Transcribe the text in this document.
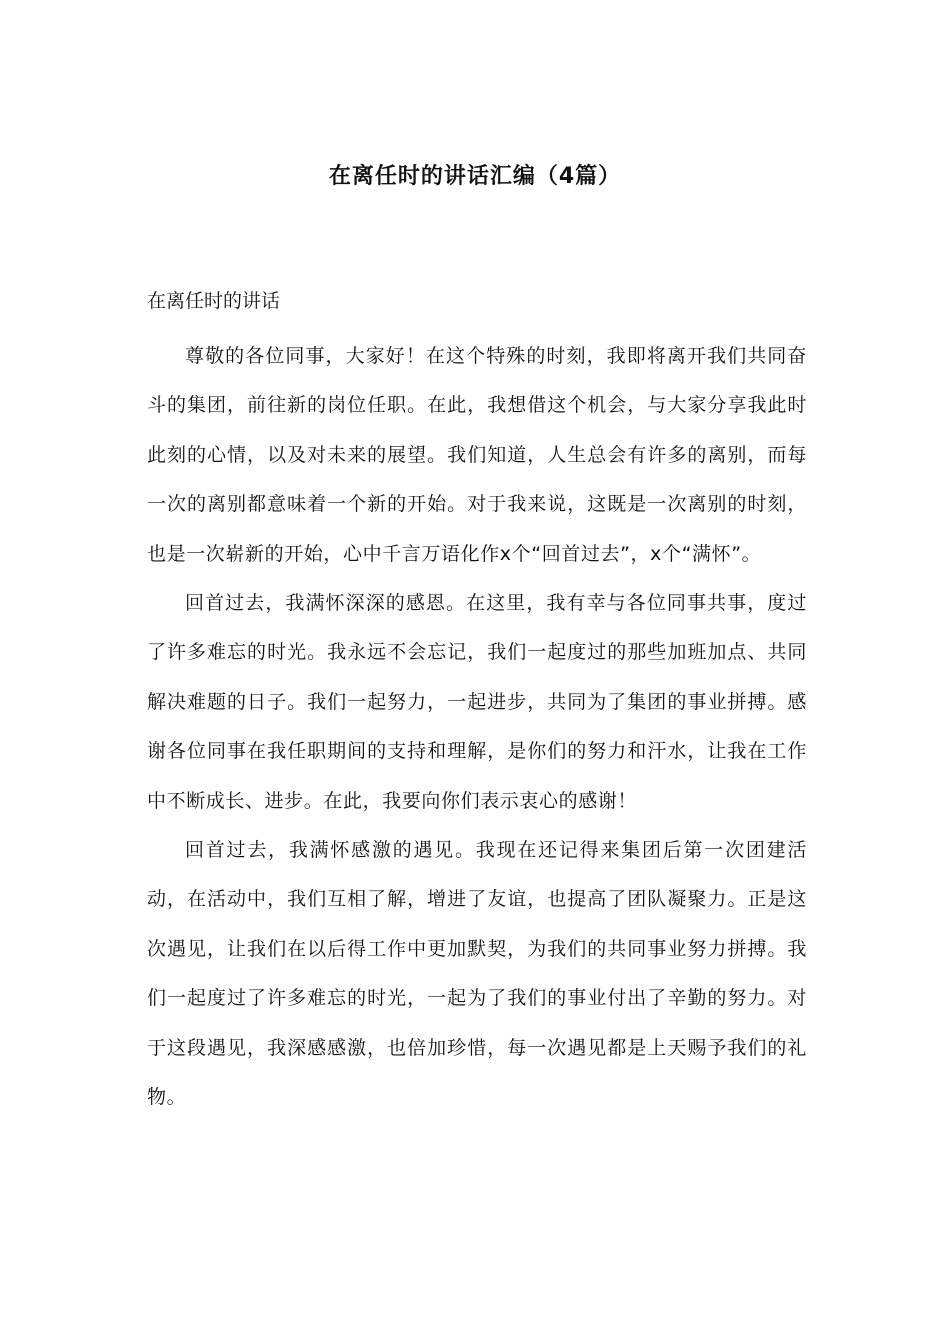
在离任时的讲话汇编（4篇）
在离任时的讲话

尊敬的各位同事，大家好！在这个特殊的时刻，我即将离开我们共同奋斗的集团，前往新的岗位任职。在此，我想借这个机会，与大家分享我此时此刻的心情，以及对未来的展望。我们知道，人生总会有许多的离别，而每一次的离别都意味着一个新的开始。对于我来说，这既是一次离别的时刻，也是一次崭新的开始，心中千言万语化作x个“回首过去”，x个“满怀”。

回首过去，我满怀深深的感恩。在这里，我有幸与各位同事共事，度过了许多难忘的时光。我永远不会忘记，我们一起度过的那些加班加点、共同解决难题的日子。我们一起努力，一起进步，共同为了集团的事业拼搏。感谢各位同事在我任职期间的支持和理解，是你们的努力和汗水，让我在工作中不断成长、进步。在此，我要向你们表示衷心的感谢！

回首过去，我满怀感激的遇见。我现在还记得来集团后第一次团建活动，在活动中，我们互相了解，增进了友谊，也提高了团队凝聚力。正是这次遇见，让我们在以后得工作中更加默契，为我们的共同事业努力拼搏。我们一起度过了许多难忘的时光，一起为了我们的事业付出了辛勤的努力。对于这段遇见，我深感感激，也倍加珍惜，每一次遇见都是上天赐予我们的礼物。
